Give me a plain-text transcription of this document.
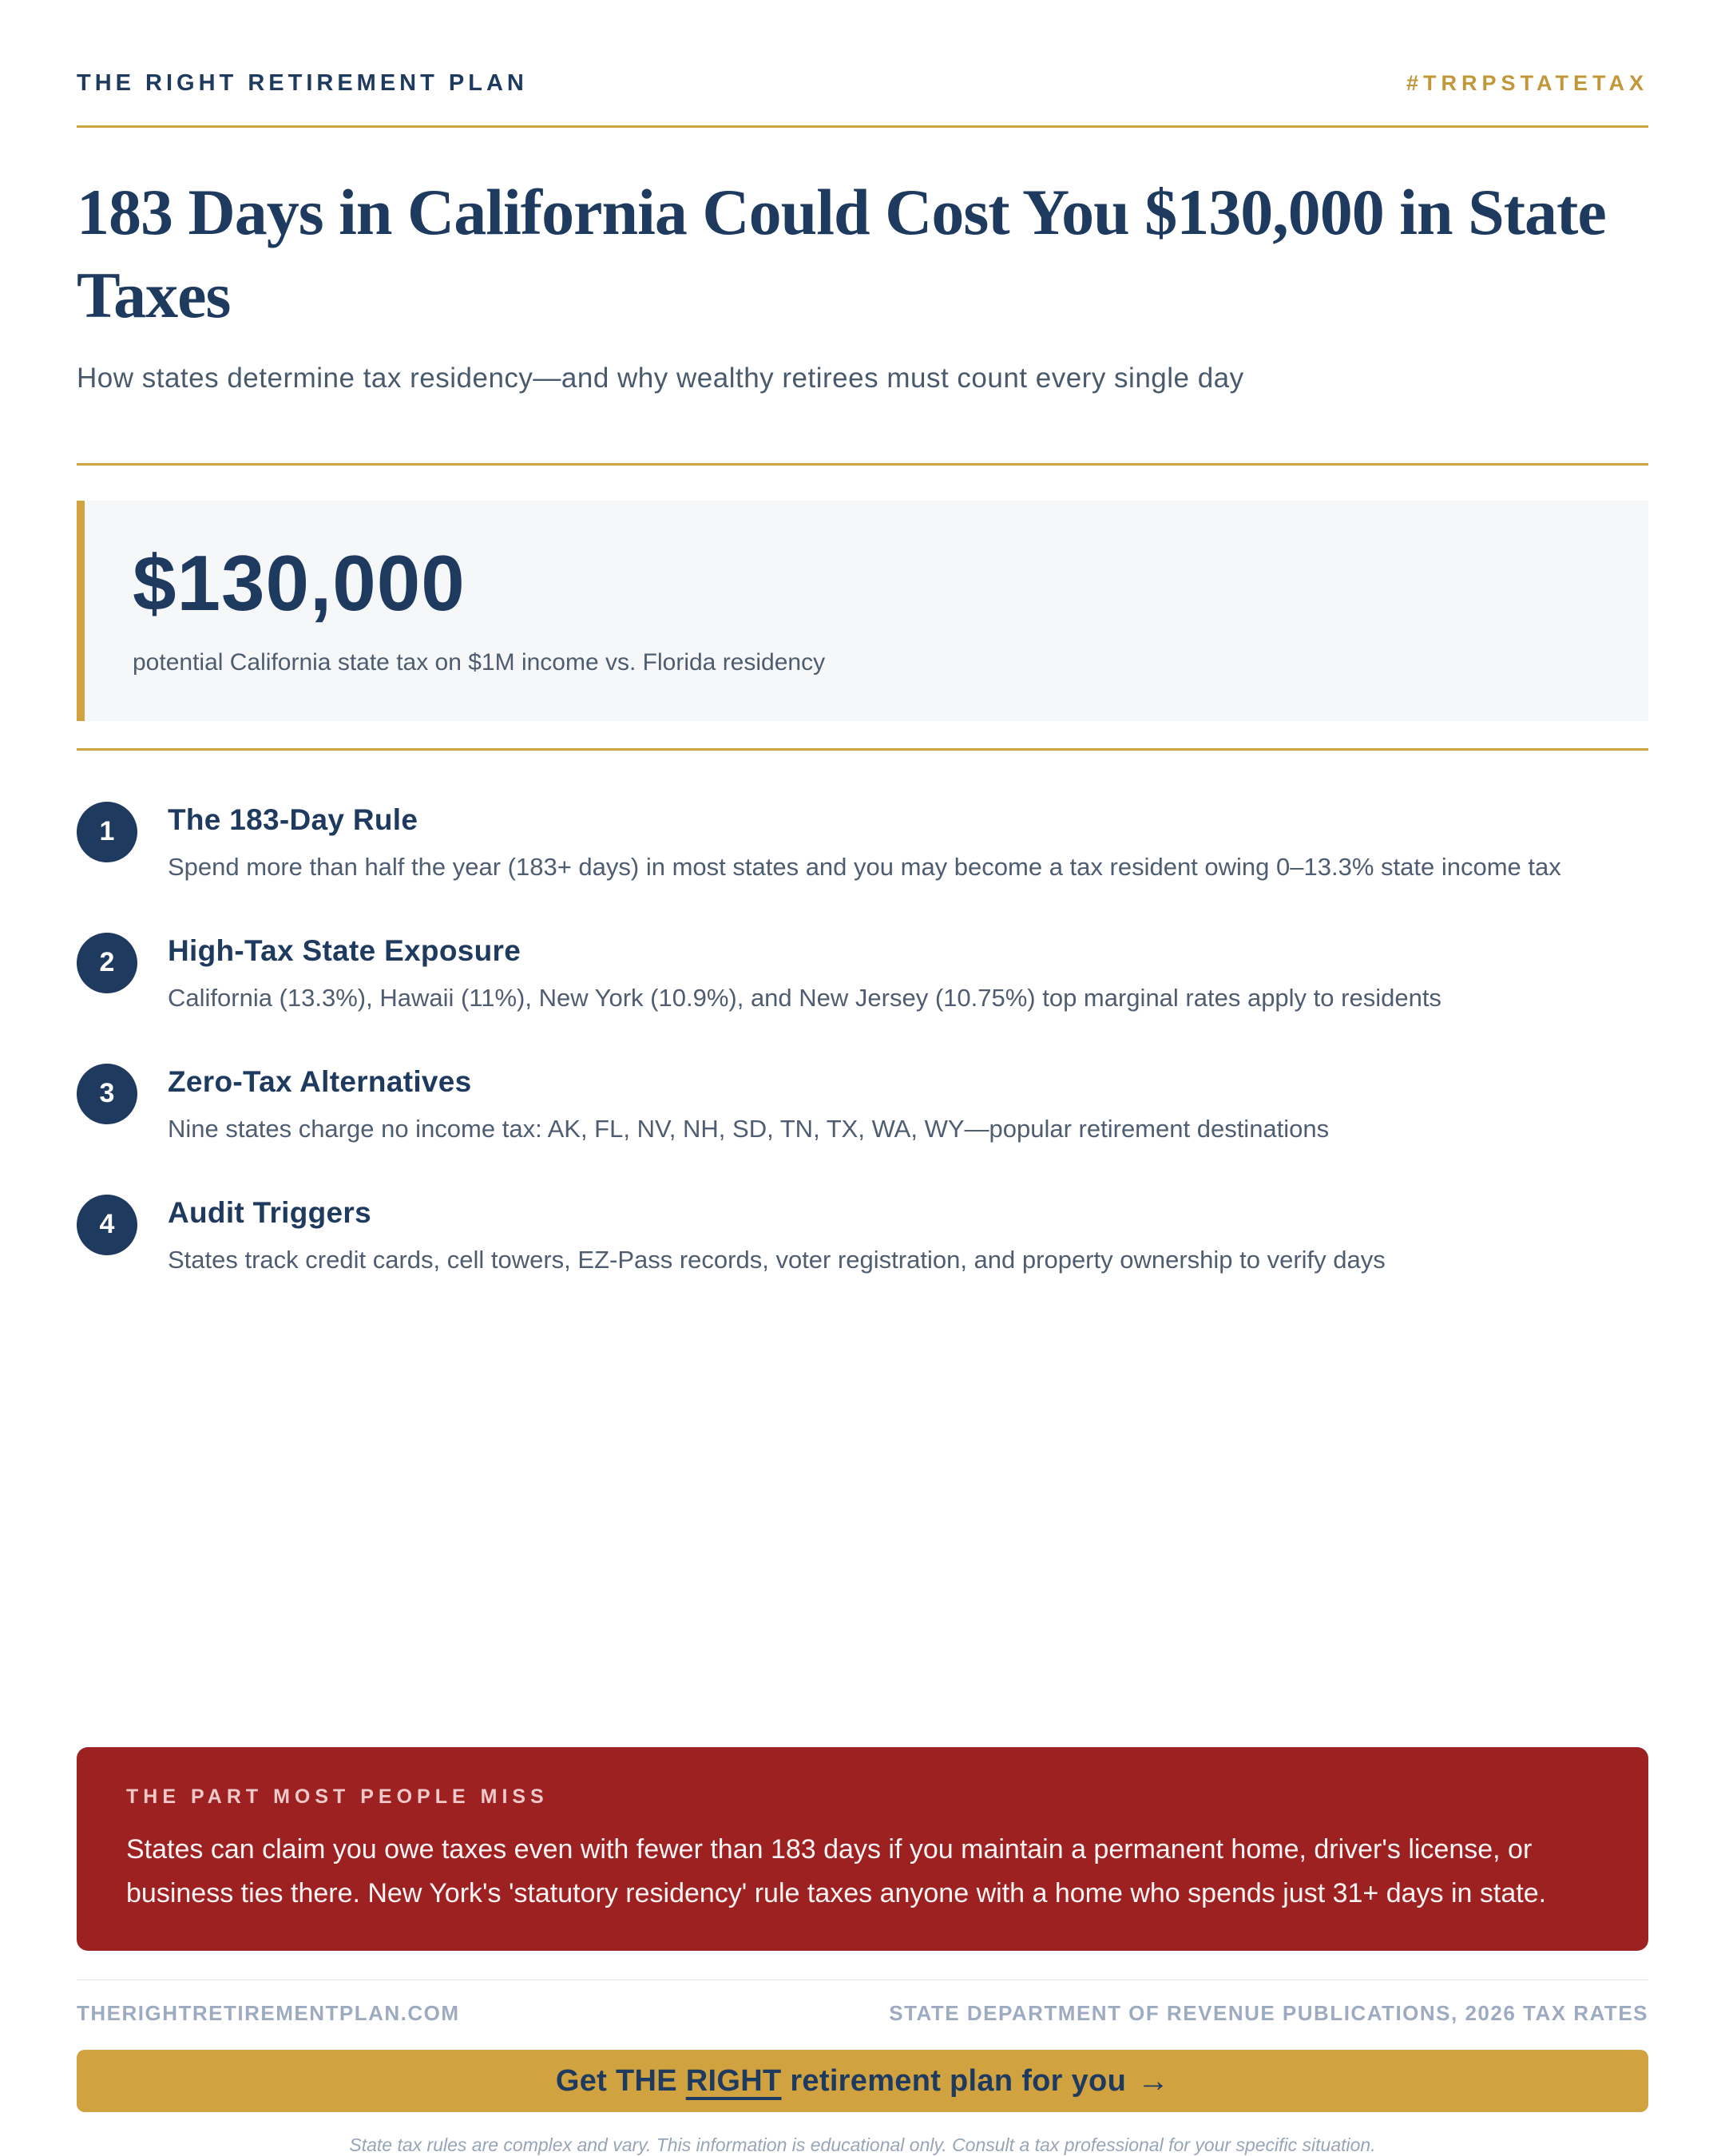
THE RIGHT RETIREMENT PLAN	#TRRPSTATETAX
183 Days in California Could Cost You $130,000 in State Taxes
How states determine tax residency—and why wealthy retirees must count every single day
$130,000
potential California state tax on $1M income vs. Florida residency
1	The 183-Day Rule
Spend more than half the year (183+ days) in most states and you may become a tax resident owing 0–13.3% state income tax
2	High-Tax State Exposure
California (13.3%), Hawaii (11%), New York (10.9%), and New Jersey (10.75%) top marginal rates apply to residents
3	Zero-Tax Alternatives
Nine states charge no income tax: AK, FL, NV, NH, SD, TN, TX, WA, WY—popular retirement destinations
4	Audit Triggers
States track credit cards, cell towers, EZ-Pass records, voter registration, and property ownership to verify days
THE PART MOST PEOPLE MISS
States can claim you owe taxes even with fewer than 183 days if you maintain a permanent home, driver's license, or business ties there. New York's 'statutory residency' rule taxes anyone with a home who spends just 31+ days in state.
THERIGHTRETIREMENTPLAN.COM	STATE DEPARTMENT OF REVENUE PUBLICATIONS, 2026 TAX RATES
Get THE RIGHT retirement plan for you →
State tax rules are complex and vary. This information is educational only. Consult a tax professional for your specific situation.
